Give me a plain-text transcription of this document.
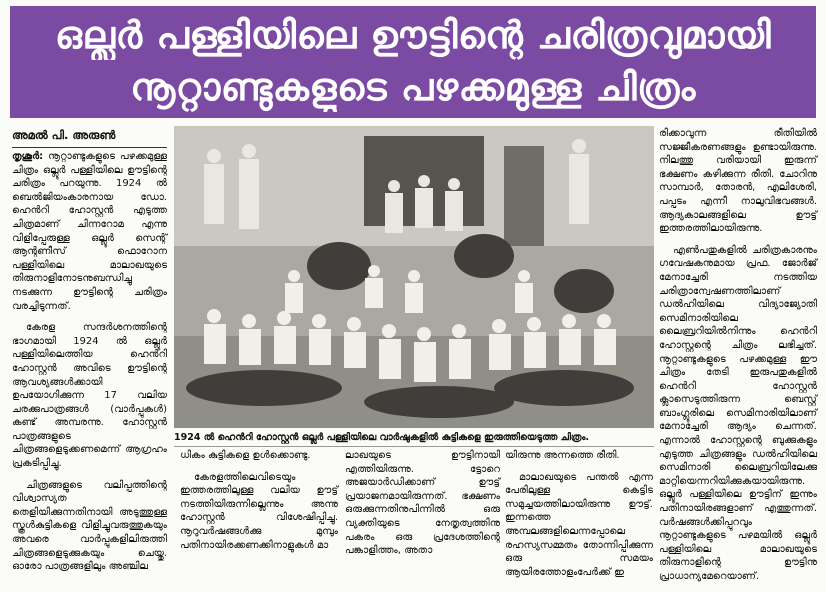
ഒല്ലൂർ പള്ളിയിലെ ഊട്ടിന്റെ ചരിത്രവുമായി
നൂറ്റാണ്ടുകളുടെ പഴക്കമുള്ള ചിത്രം
അമൽ പി. അരുൺ

തൃശൂർ: നൂറ്റാണ്ടുകളുടെ പഴക്കമുള്ള ചിത്രം ഒല്ലൂർ പള്ളിയിലെ ഊട്ടിന്റെ ചരിത്രം പറയുന്നു. 1924 ൽ ബെൽജിയംകാരനായ ഡോ. ഹെൻറി ഹോസ്റ്റൻ എടുത്ത ചിത്രമാണ് ചിന്നറോമ എന്നു വിളിപ്പേരുള്ള ഒല്ലൂർ സെന്റ് ആന്റണീസ് ഫൊറോന പള്ളിയിലെ മാലാഖയുടെ തിരുനാളിനോടനുബന്ധിച്ചു നടക്കുന്ന ഊട്ടിന്റെ ചരിത്രം വരച്ചിടുന്നത്.

കേരള സന്ദർശനത്തിന്റെ ഭാഗമായി 1924 ൽ ഒല്ലൂർ പള്ളിയിലെത്തിയ ഹെൻറി ഹോസ്റ്റൻ അവിടെ ഊട്ടിന്റെ ആവശ്യങ്ങൾക്കായി ഉപയോഗിക്കുന്ന 17 വലിയ ചരക്കുപാത്രങ്ങൾ (വാർപ്പുകൾ) കണ്ട് അമ്പരന്നു. ഹോസ്റ്റൻ പാത്രങ്ങളുടെ ചിത്രങ്ങളെടുക്കണമെന്ന് ആഗ്രഹം പ്രകടിപ്പിച്ചു.

ചിത്രങ്ങളുടെ വലിപ്പത്തിന്റെ വിശ്വാസ്യത തെളിയിക്കുന്നതിനായി അടുത്തുള്ള സ്കൂൾകുട്ടികളെ വിളിച്ചുവരുത്തുകയും അവരെ വാർപ്പുകളിലിരുത്തി ചിത്രങ്ങളെടുക്കുകയും ചെയ്തു. ഓരോ പാത്രങ്ങളിലും അഞ്ചില

1924 ൽ ഹെൻറി ഹോസ്റ്റൻ ഒല്ലൂർ പള്ളിയിലെ വാർഷുകളിൽ കുട്ടികളെ ഇരുത്തിയെടുത്ത ചിത്രം.

ധികം കുട്ടികളെ ഉൾക്കൊണ്ടു.

കേരളത്തിലെവിടെയും ഇത്തരത്തിലുള്ള വലിയ ഊട്ട് നടത്തിയിരുന്നില്ലെന്നും അന്നു ഹോസ്റ്റൻ വിശേഷിപ്പിച്ചു. നൂറുവർഷങ്ങൾക്കു മുമ്പും പതിനായിരക്കണക്കിനാളുകൾ മാ

ലാഖയുടെ ഊട്ടിനായി എത്തിയിരുന്നു. ട്ടോറെ അജയാർഡിക്കാണ് ഊട്ട് പ്രയാജനമായിരുന്നത്. ഭക്ഷണം ഒരുക്കുന്നതിനുപിന്നിൽ ഒരു വ്യക്തിയുടെ നേതൃത്വത്തിനു പകരം ഒരു പ്രദേശത്തിന്റെ പങ്കാളിത്തം, അതാ

യിരുന്നു അന്നത്തെ രീതി.

മാലാഖയുടെ പന്തൽ എന്ന പേരിലുള്ള കെട്ടിട സമുച്ചയത്തിലായിരുന്നു ഊട്ട്. ഇന്നത്തെ അമ്പലങ്ങളിലെന്നപ്പോലെ രഹസ്യസമ്മതം തോന്നിപ്പിക്കുന്ന ഒരു സമയം ആയിരത്തോളംപേർക്ക് ഇ

രിക്കാവുന്ന രീതിയിൽ സജ്ജീകരണങ്ങളും ഉണ്ടായിരുന്നു. നിലത്തു വരിയായി ഇരുന്ന് ഭക്ഷണം കഴിക്കുന്ന രീതി. ചോറിനു സാമ്പാർ, തോരൻ, എലിശേരി, പപ്പടം എന്നീ നാലുവിഭവങ്ങൾ. ആദ്യകാലങ്ങളിലെ ഊട്ട് ഇത്തരത്തിലായിരുന്നു.

എൺപതുകളിൽ ചരിത്രകാരനും ഗവേഷകനുമായ പ്രഫ. ജോർജ് മേനാച്ചേരി നടത്തിയ ചരിത്രാന്വേഷണത്തിലാണ് ഡൽഹിയിലെ വിദ്യാജ്യോതി സെമിനാരിയിലെ ലൈബ്രറിയിൽനിന്നും ഹെൻറി ഹോസ്റ്റന്റെ ചിത്രം ലഭിച്ചത്. നൂറ്റാണ്ടുകളുടെ പഴക്കമുള്ള ഈ ചിത്രം തേടി ഇരുപതുകളിൽ ഹെൻറി ഹോസ്റ്റൻ ക്ലാസെടുത്തിരുന്ന ബെസ്റ്റ് ബാംഗ്ലൂരിലെ സെമിനാരിയിലാണ് മേനാച്ചേരി ആദ്യം ചെന്നത്. എന്നാൽ ഹോസ്റ്റന്റെ ബുക്കുകളും എടുത്ത ചിത്രങ്ങളും ഡൽഹിയിലെ സെമിനാരി ലൈബ്രറിയിലേക്കു മാറ്റിയെന്നറിയിക്കുകയായിരുന്നു. ഒല്ലൂർ പള്ളിയിലെ ഊട്ടിന് ഇന്നും പതിനായിരങ്ങളാണ് എത്തുന്നത്. വർഷങ്ങൾക്കിപ്പുറവും നൂറ്റാണ്ടുകളുടെ പഴമയിൽ ഒല്ലൂർ പള്ളിയിലെ മാലാഖയുടെ തിരുനാളിന്റെ ഊട്ടിനു പ്രാധാന്യമേറെയാണ്.
